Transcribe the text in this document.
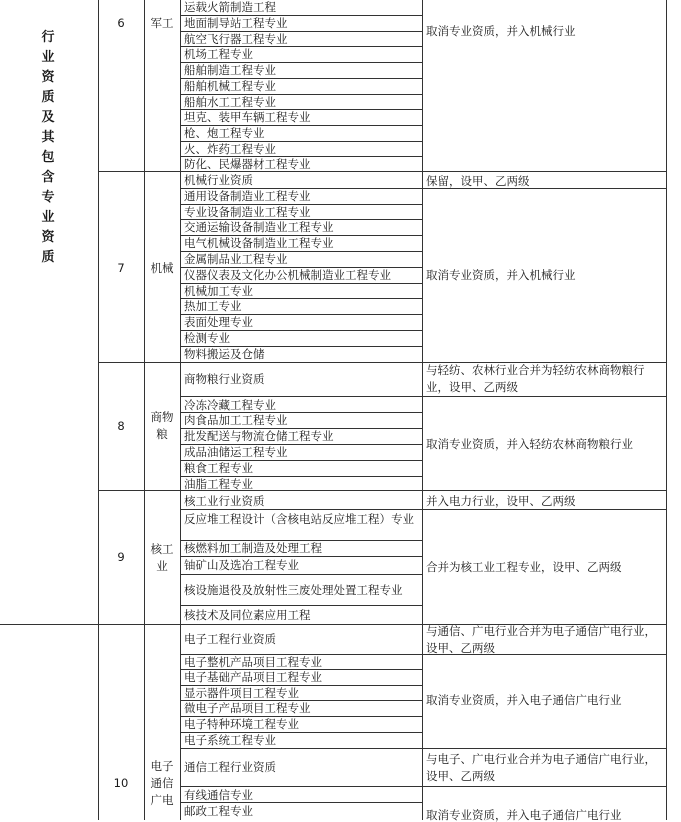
行
业
资
质
及
其
包
含
专
业
资
质
6	军工
运载火箭制造工程
地面制导站工程专业
航空飞行器工程专业
机场工程专业
船舶制造工程专业
船舶机械工程专业
船舶水工工程专业
坦克、装甲车辆工程专业
枪、炮工程专业
火、炸药工程专业
防化、民爆器材工程专业
取消专业资质，并入机械行业
7	机械
机械行业资质
通用设备制造业工程专业
专业设备制造业工程专业
交通运输设备制造业工程专业
电气机械设备制造业工程专业
金属制品业工程专业
仪器仪表及文化办公机械制造业工程专业
机械加工专业
热加工专业
表面处理专业
检测专业
物料搬运及仓储
保留，设甲、乙两级
取消专业资质，并入机械行业
8
商物
粮
商物粮行业资质
冷冻冷藏工程专业
肉食品加工工程专业
批发配送与物流仓储工程专业
成品油储运工程专业
粮食工程专业
油脂工程专业
与轻纺、农林行业合并为轻纺农林商物粮行业，设甲、乙两级
取消专业资质，并入轻纺农林商物粮行业
9
核工
业
核工业行业资质
反应堆工程设计（含核电站反应堆工程）专业
核燃料加工制造及处理工程
铀矿山及选冶工程专业
核设施退役及放射性三废处理处置工程专业
核技术及同位素应用工程
并入电力行业，设甲、乙两级
合并为核工业工程专业，设甲、乙两级
10
电子
通信
广电
电子工程行业资质
电子整机产品项目工程专业
电子基础产品项目工程专业
显示器件项目工程专业
微电子产品项目工程专业
电子特种环境工程专业
电子系统工程专业
通信工程行业资质
有线通信专业
邮政工程专业
与通信、广电行业合并为电子通信广电行业，设甲、乙两级
取消专业资质，并入电子通信广电行业
与电子、广电行业合并为电子通信广电行业，设甲、乙两级
取消专业资质，并入电子通信广电行业
